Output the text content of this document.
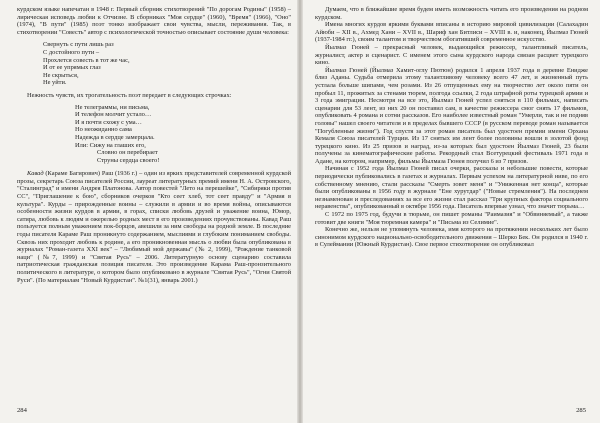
курдском языке напечатан в 1948 г. Первый сборник стихотворений "По дорогам Родины" (1958) – лирическая исповедь любви к Отчизне. В сборниках "Моя сердце" (1960), "Время" (1966), "Оно" (1974), "В пути" (1985) поэт тонко изображает свои чувства, мысли, переживания. Так, в стихотворении "Совесть" автор с психологической точностью описывает состояние души человека:

Свернуть с пути лишь раз
С достойного пути –
Прохлется совесть в тот же час,
И от ее упрямых глаз
Не скрыться,
Не уйти.

Нежность чувств, их трогательность поэт передает в следующих строчках:

Не телеграммы, ни письма,
И телефон молчит устало…
И я почти схожу с ума…
Но неожиданно сама
Надежда в сердце замерцала.
Или: Сижу на глаших его,
Словно он перебирает
Струны сердца своего!

Кавад (Караме Багирович) Раш (1936 г.) – один из ярких представителей современной курдской прозы, секретарь Союза писателей России, лауреат литературных премий имени Н. А. Островского, "Сталинград" и имени Андрея Платонова. Автор повестей "Лето на перешейке", "Сибиряки против СС", "Приглашение к бою", сборников очерков "Кто сеет хлеб, тот сеет правду" и "Армия в культура". Курды – прирожденные воины – служили в армии и во время войны, описываются особенности жизни курдов в армии, в горах, списки любовь друзей и уважение воина, Юмор, сатира, любовь к людям и ожерелью родных мест в его произведениях прочувствованы. Кавад Раш пользуется полным уважением пок-борцов, авешили за ним свободы на родной земле. В последние годы писателя Караме Раш проникнуто содержанием, мыслиями и глубоким пониманием свободы. Сквозь них проходит любовь к родине, а его проникновенная мысль о любви была опубликована в журналах "Роман-газета XXI век" – "Любимый мой державы" (№ 2, 1999), "Рождение танковой наци" (№7, 1999) и "Святая Русь" – 2006. Литературную основу сценарию составила патриотическая гражданская позиция писателя. Это произведение Карама Раш-пронзительного политического в литературе, о котором было опубликовано в журнале "Святая Русь", "Огни Святой Руси". (По материалам "Новый Курдистан". №1(31), январь 2001.)

284

Думаем, что в ближайшие время будем иметь возможность читать его произведения на родном курдском.

Имена многих курдов яркими буквами вписаны в историю мировой цивилизации (Салахадин Айюби – XII в., Ахмед Хани – XVII в., Шариф хан Битлиси – XVIII в. и, наконец, Йылмаз Гюней (1937-1984 гг.), своим талантом и творчеством обогативший современное искусство.

Йылмаз Гюней – прекрасный человек, выдающийся режиссер, талантливый писатель, журналист, актер и сценарист. С именем этого сына курдского народа связан расцвет турецкого кино.

Йылмаз Гюней (Йылмаз Хамит-оглу Пютюн) родился 1 апреля 1937 года в деревне Енидже близ Аданы. Судьба отмерила этому талантливому человеку всего 47 лет, и жизненный путь устлала больше шипами, чем розами. Из 26 отпущенных ему на творчество лет около пяти он пробыл 11, прожитых за стенами тюрем, полгода ссылки, 2 года штрафной роты турецкой армии и 3 года эмиграции. Несмотря на все это, Йылмаз Гюней успел сняться в 110 фильмах, написать сценарии для 53 лент, из них 20 он поставил сам, в качестве режиссера смог снять 17 фильмов, опубликовать 4 романа и сотни рассказов. Его наиболее известный роман "Умерли, так и не подняв головы" нашел своего читателя и в пределах бывшего СССР (в русском переводе роман называется "Погубленные жизни"). Год спустя за этот роман писатель был удостоен премии имени Орхана Кемаля Союза писателей Турции. Из 17 снятых им лент более половины вошли в золотой фонд турецкого кино. Из 25 призов и наград, из-за которых был удостоен Йылмаз Гюней, 23 были получены за кинематографические работы. Рекордный стал Всетурецкий фестиваль 1971 года в Адане, на котором, например, фильмы Йылмаза Гюнея получил 6 из 7 призов.

Начиная с 1952 года Йылмаз Гюней писал очерки, рассказы и небольшие повести, которые периодически публиковались в газетах и журналах. Первым успехом на литературной ниве, по его собственному мнению, стали рассказы "Смерть зовет меня" и "Униженная нет конца", которые были опубликованы в 1956 году в журнале "Ене хурутдар" ("Новые стремления"). На последнем незнаменован и преследованиях за все его жизни стал рассказ "Три крупных фактора социального неравенства", опубликованный в октябре 1956 года. Писатель впервые узнал, что значит тюрьма…

С 1972 по 1975 год, будучи в тюрьме, он пишет романы "Раимазия" и "Обвиняемый", а также готовит две книги "Моя тюремная камера" и "Письма из Селимие".

Конечно же, нельзя не упомянуть человека, имя которого на протяжении нескольких лет было синонимом курдского национально-освободительного движения – Шерко Бек. Он родился в 1940 г. в Сулеймании (Южный Курдистан). Свое первое стихотворение он опубликовал

285
